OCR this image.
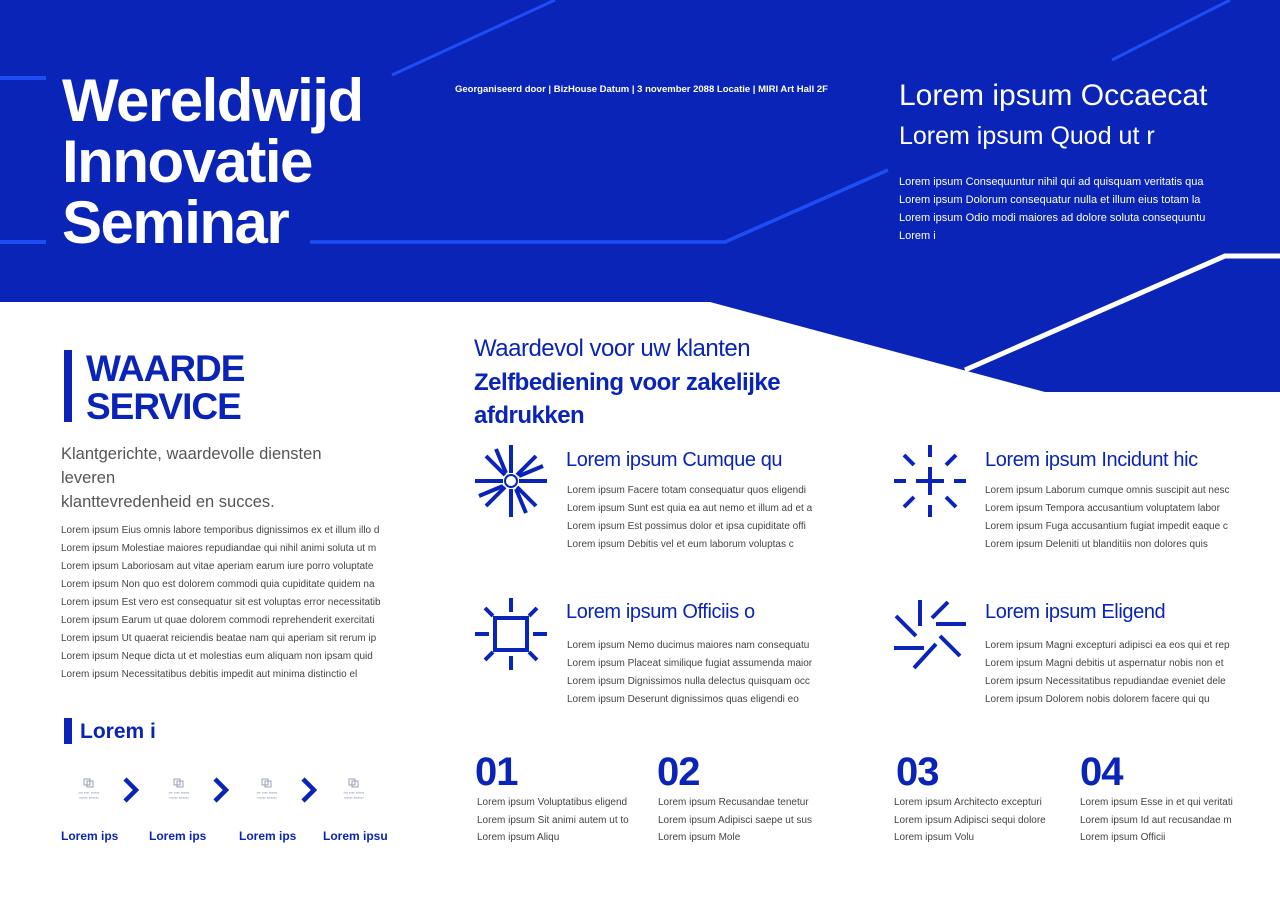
Wereldwijd
Innovatie
Seminar
Georganiseerd door | BizHouse Datum | 3 november 2088 Locatie | MIRI Art Hall 2F	Lorem ipsum Occaecat
Lorem ipsum Quod ut r
Lorem ipsum Consequuntur nihil qui ad quisquam veritatis qua
Lorem ipsum Dolorum consequatur nulla et illum eius totam la
Lorem ipsum Odio modi maiores ad dolore soluta consequuntu
Lorem i
WAARDE
SERVICE
Klantgerichte, waardevolle diensten
leveren
klanttevredenheid en succes.
Lorem ipsum Eius omnis labore temporibus dignissimos ex et illum illo d
Lorem ipsum Molestiae maiores repudiandae qui nihil animi soluta ut m
Lorem ipsum Laboriosam aut vitae aperiam earum iure porro voluptate
Lorem ipsum Non quo est dolorem commodi quia cupiditate quidem na
Lorem ipsum Est vero est consequatur sit est voluptas error necessitatib
Lorem ipsum Earum ut quae dolorem commodi reprehenderit exercitati
Lorem ipsum Ut quaerat reiciendis beatae nam qui aperiam sit rerum ip
Lorem ipsum Neque dicta ut et molestias eum aliquam non ipsam quid
Lorem ipsum Necessitatibus debitis impedit aut minima distinctio el
Lorem i
▪▪▪ ▪▪▪▪ ▪▪▪▪▪▪
▪▪▪▪▪▪ ▪▪▪▪▪▪▪
▪▪▪ ▪▪▪▪ ▪▪▪▪▪▪
▪▪▪▪▪▪ ▪▪▪▪▪▪▪
▪▪▪ ▪▪▪▪ ▪▪▪▪▪▪
▪▪▪▪▪▪ ▪▪▪▪▪▪▪
▪▪▪ ▪▪▪▪ ▪▪▪▪▪▪
▪▪▪▪▪▪ ▪▪▪▪▪▪▪
Lorem ips	Lorem ips	Lorem ips Lorem ipsu
Waardevol voor uw klanten
Zelfbediening voor zakelijke
afdrukken
Lorem ipsum Cumque qu
Lorem ipsum Facere totam consequatur quos eligendi
Lorem ipsum Sunt est quia ea aut nemo et illum ad et a
Lorem ipsum Est possimus dolor et ipsa cupiditate offi
Lorem ipsum Debitis vel et eum laborum voluptas c
Lorem ipsum Incidunt hic
Lorem ipsum Laborum cumque omnis suscipit aut nesc
Lorem ipsum Tempora accusantium voluptatem labor
Lorem ipsum Fuga accusantium fugiat impedit eaque c
Lorem ipsum Deleniti ut blanditiis non dolores quis
Lorem ipsum Officiis o
Lorem ipsum Nemo ducimus maiores nam consequatu
Lorem ipsum Placeat similique fugiat assumenda maior
Lorem ipsum Dignissimos nulla delectus quisquam occ
Lorem ipsum Deserunt dignissimos quas eligendi eo
Lorem ipsum Eligend
Lorem ipsum Magni excepturi adipisci ea eos qui et rep
Lorem ipsum Magni debitis ut aspernatur nobis non et
Lorem ipsum Necessitatibus repudiandae eveniet dele
Lorem ipsum Dolorem nobis dolorem facere qui qu
01
Lorem ipsum Voluptatibus eligend
Lorem ipsum Sit animi autem ut to
Lorem ipsum Aliqu
02
Lorem ipsum Recusandae tenetur
Lorem ipsum Adipisci saepe ut sus
Lorem ipsum Mole
03
Lorem ipsum Architecto excepturi
Lorem ipsum Adipisci sequi dolore
Lorem ipsum Volu
04
Lorem ipsum Esse in et qui veritati
Lorem ipsum Id aut recusandae m
Lorem ipsum Officii
